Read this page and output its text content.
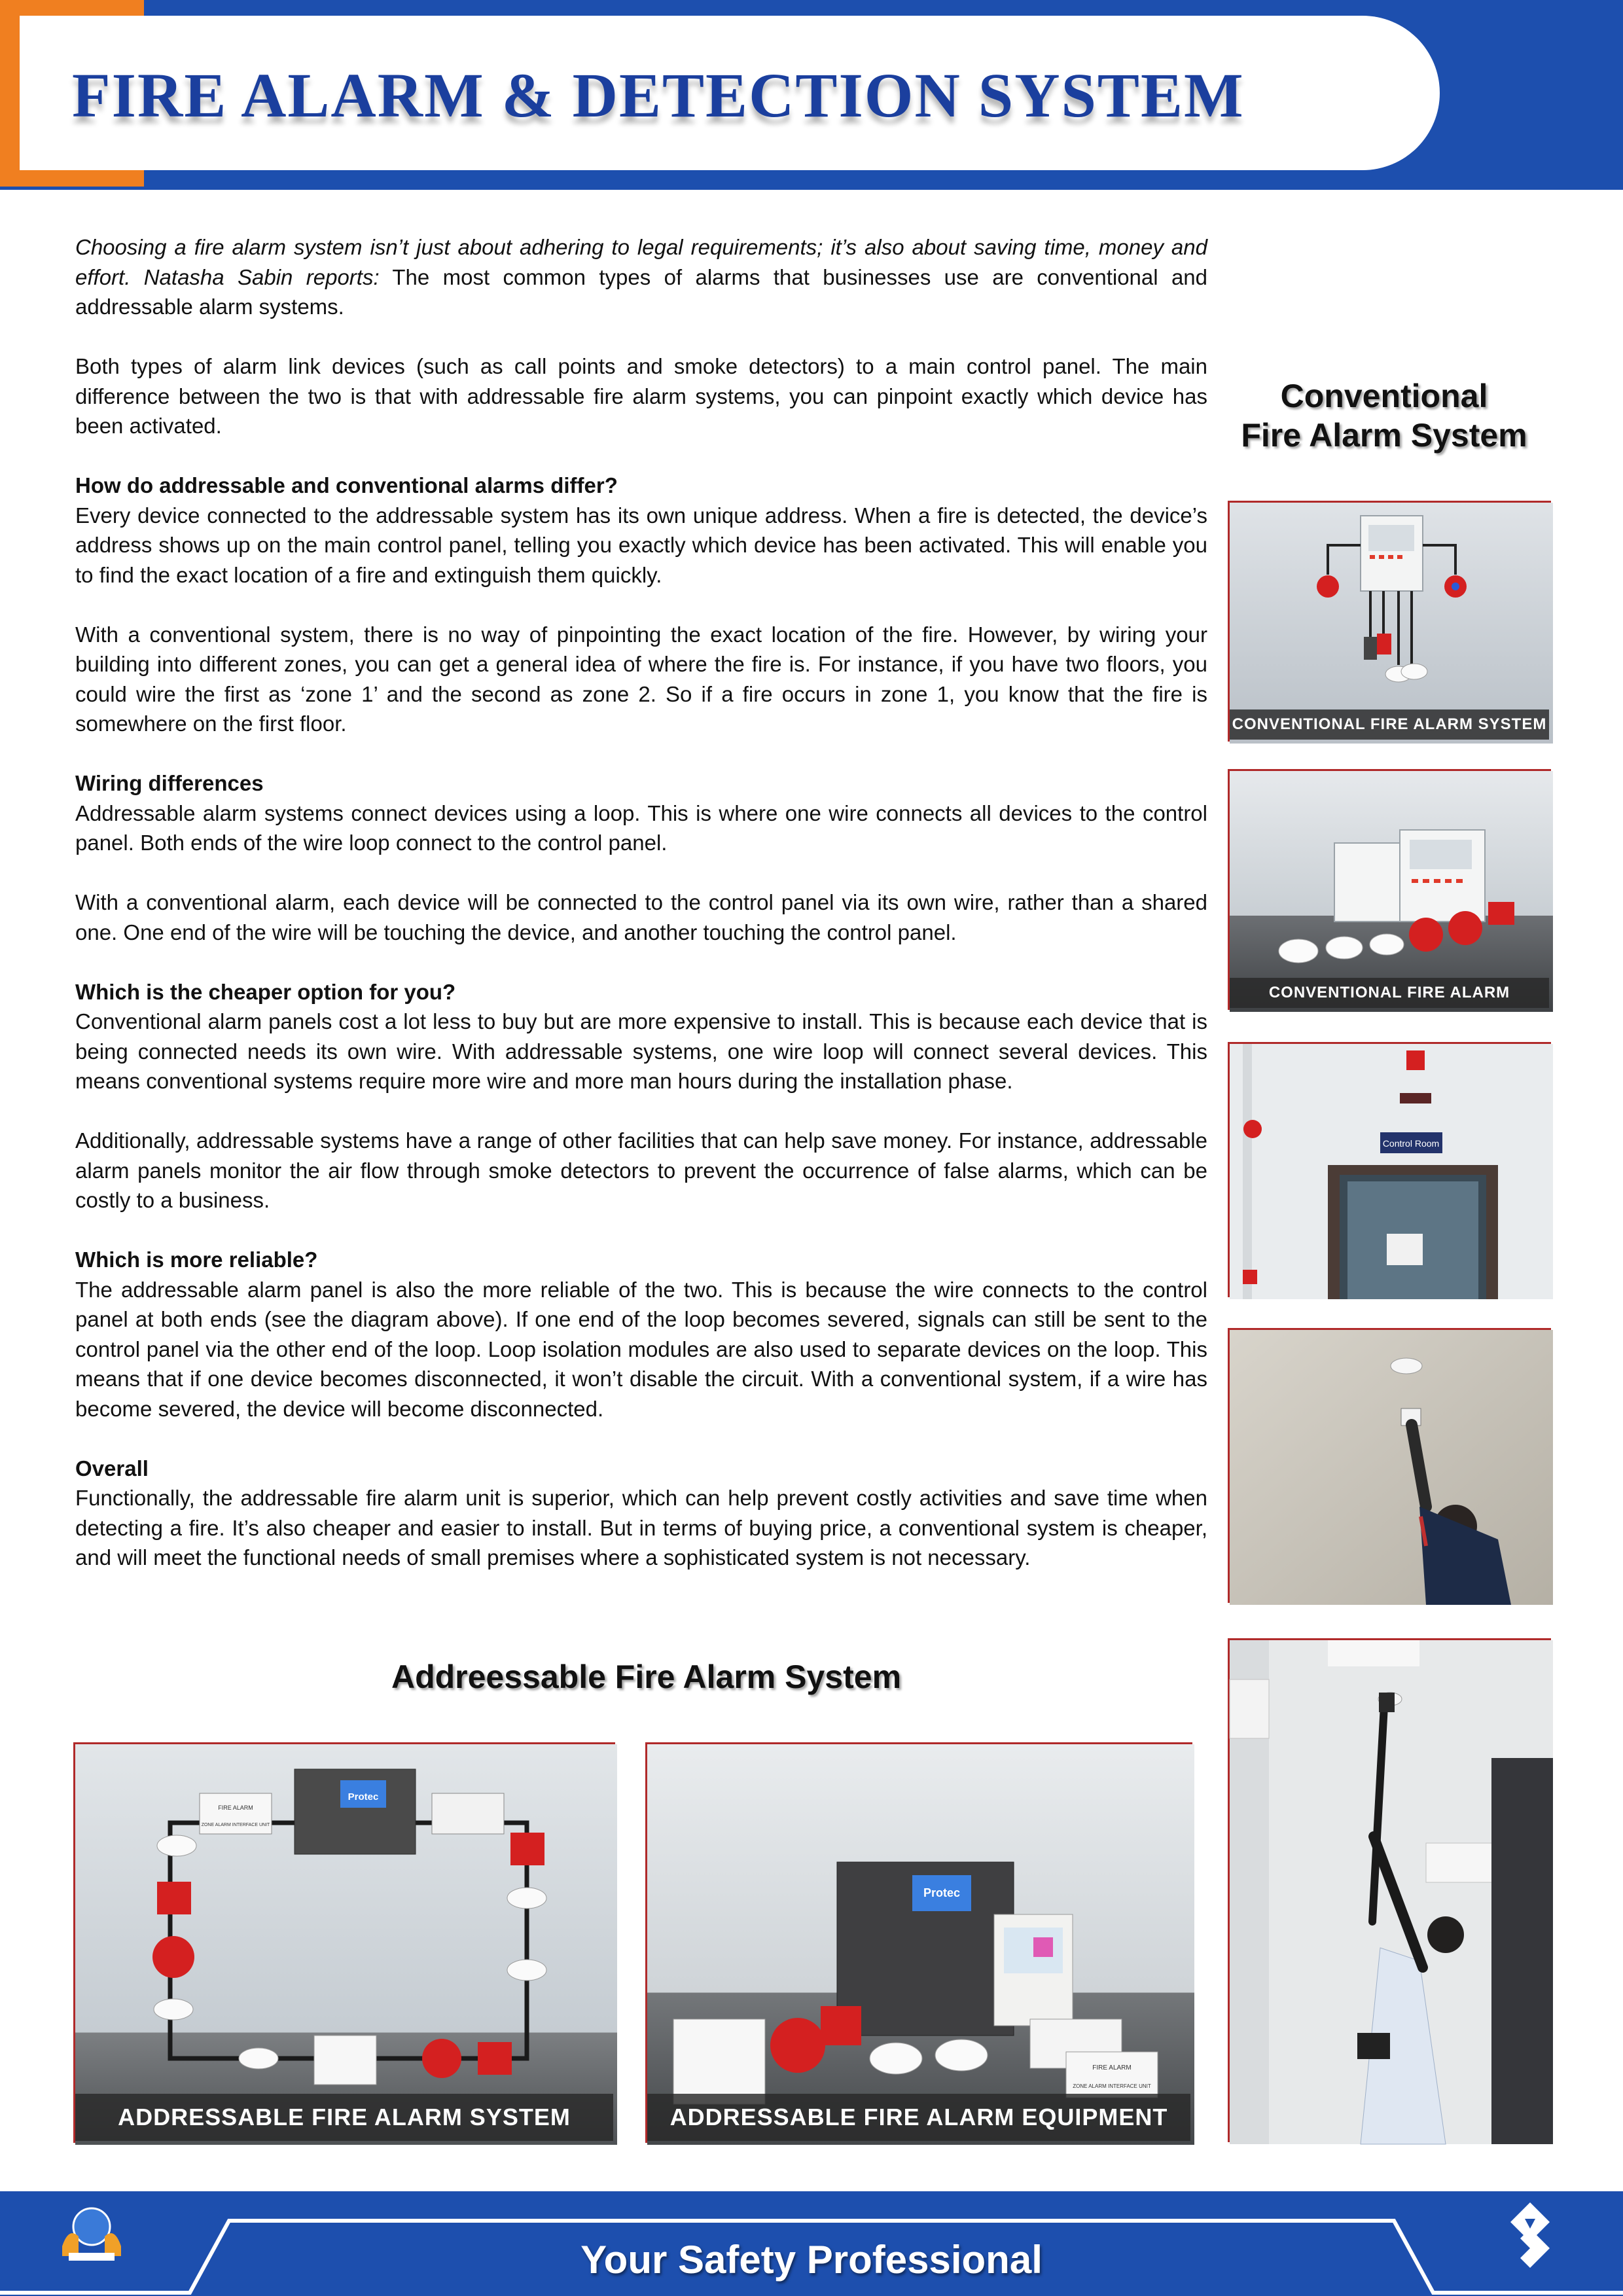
FIRE ALARM & DETECTION SYSTEM

Choosing a fire alarm system isn’t just about adhering to legal requirements; it’s also about saving time, money and effort. Natasha Sabin reports: The most common types of alarms that businesses use are conventional and addressable alarm systems.

Both types of alarm link devices (such as call points and smoke detectors) to a main control panel. The main difference between the two is that with addressable fire alarm systems, you can pinpoint exactly which device has been activated.

How do addressable and conventional alarms differ?

Every device connected to the addressable system has its own unique address. When a fire is detected, the device’s address shows up on the main control panel, telling you exactly which device has been activated. This will enable you to find the exact location of a fire and extinguish them quickly.

With a conventional system, there is no way of pinpointing the exact location of the fire. However, by wiring your building into different zones, you can get a general idea of where the fire is. For instance, if you have two floors, you could wire the first as ‘zone 1’ and the second as zone 2. So if a fire occurs in zone 1, you know that the fire is somewhere on the first floor.

Wiring differences

Addressable alarm systems connect devices using a loop. This is where one wire connects all devices to the control panel. Both ends of the wire loop connect to the control panel.

With a conventional alarm, each device will be connected to the control panel via its own wire, rather than a shared one. One end of the wire will be touching the device, and another touching the control panel.

Which is the cheaper option for you?

Conventional alarm panels cost a lot less to buy but are more expensive to install. This is because each device that is being connected needs its own wire. With addressable systems, one wire loop will connect several devices. This means conventional systems require more wire and more man hours during the installation phase.

Additionally, addressable systems have a range of other facilities that can help save money. For instance, addressable alarm panels monitor the air flow through smoke detectors to prevent the occurrence of false alarms, which can be costly to a business.

Which is more reliable?

The addressable alarm panel is also the more reliable of the two. This is because the wire connects to the control panel at both ends (see the diagram above). If one end of the loop becomes severed, signals can still be sent to the control panel via the other end of the loop. Loop isolation modules are also used to separate devices on the loop. This means that if one device becomes disconnected, it won’t disable the circuit. With a conventional system, if a wire has become severed, the device will become disconnected.

Overall

Functionally, the addressable fire alarm unit is superior, which can help prevent costly activities and save time when detecting a fire. It’s also cheaper and easier to install. But in terms of buying price, a conventional system is cheaper, and will meet the functional needs of small premises where a sophisticated system is not necessary.

Conventional
Fire Alarm System
CONVENTIONAL FIRE ALARM SYSTEM
CONVENTIONAL FIRE ALARM EQUIPMENT
Control Room
Addreessable Fire Alarm System
Protec
FIRE ALARM
ZONE ALARM INTERFACE UNIT
ADDRESSABLE FIRE ALARM SYSTEM
Protec
FIRE ALARM
ZONE ALARM INTERFACE UNIT
ADDRESSABLE FIRE ALARM EQUIPMENT
Your Safety Professional
